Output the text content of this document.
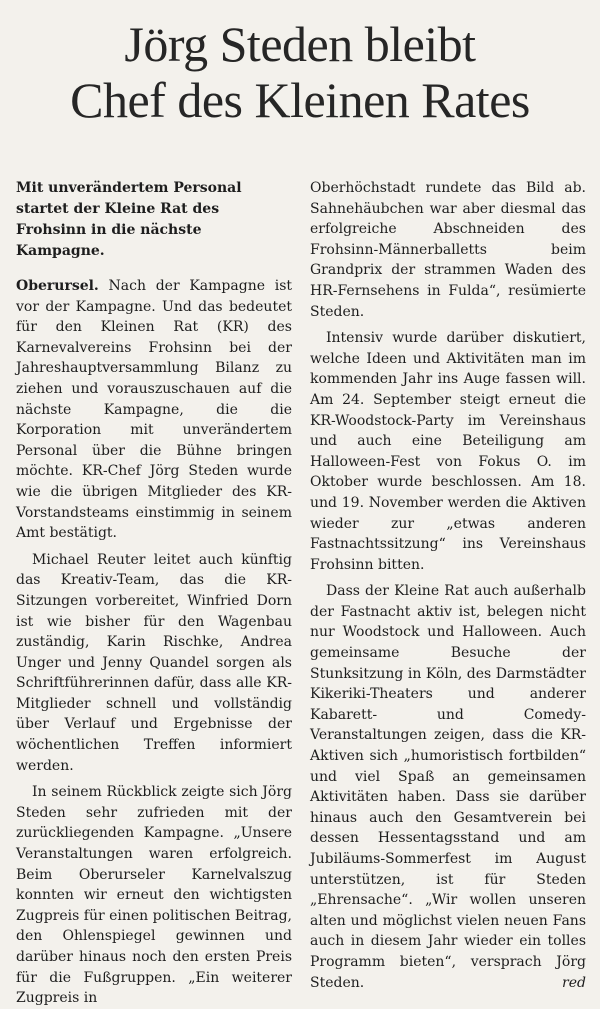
Jörg Steden bleibt
Chef des Kleinen Rates

Mit unverändertem Personal startet der Kleine Rat des Frohsinn in die nächste Kampagne.

Oberursel. Nach der Kampagne ist vor der Kampagne. Und das bedeutet für den Kleinen Rat (KR) des Karnevalvereins Frohsinn bei der Jahreshauptversammlung Bilanz zu ziehen und vorauszuschauen auf die nächste Kampagne, die die Korporation mit unverändertem Personal über die Bühne bringen möchte. KR-Chef Jörg Steden wurde wie die übrigen Mitglieder des KR-Vorstandsteams einstimmig in seinem Amt bestätigt.

Michael Reuter leitet auch künftig das Kreativ-Team, das die KR-Sitzungen vorbereitet, Winfried Dorn ist wie bisher für den Wagenbau zuständig, Karin Rischke, Andrea Unger und Jenny Quandel sorgen als Schriftführerinnen dafür, dass alle KR-Mitglieder schnell und vollständig über Verlauf und Ergebnisse der wöchentlichen Treffen informiert werden.

In seinem Rückblick zeigte sich Jörg Steden sehr zufrieden mit der zurückliegenden Kampagne. „Unsere Veranstaltungen waren erfolgreich. Beim Oberurseler Karnelvalszug konnten wir erneut den wichtigsten Zugpreis für einen politischen Beitrag, den Ohlenspiegel gewinnen und darüber hinaus noch den ersten Preis für die Fußgruppen. „Ein weiterer Zugpreis in

Oberhöchstadt rundete das Bild ab. Sahnehäubchen war aber diesmal das erfolgreiche Abschneiden des Frohsinn-Männerballetts beim Grandprix der strammen Waden des HR-Fernsehens in Fulda“, resümierte Steden.

Intensiv wurde darüber diskutiert, welche Ideen und Aktivitäten man im kommenden Jahr ins Auge fassen will. Am 24. September steigt erneut die KR-Woodstock-Party im Vereinshaus und auch eine Beteiligung am Halloween-Fest von Fokus O. im Oktober wurde beschlossen. Am 18. und 19. November werden die Aktiven wieder zur „etwas anderen Fastnachtssitzung“ ins Vereinshaus Frohsinn bitten.

Dass der Kleine Rat auch außerhalb der Fastnacht aktiv ist, belegen nicht nur Woodstock und Halloween. Auch gemeinsame Besuche der Stunksitzung in Köln, des Darmstädter Kikeriki-Theaters und anderer Kabarett- und Comedy-Veranstaltungen zeigen, dass die KR-Aktiven sich „humoristisch fortbilden“ und viel Spaß an gemeinsamen Aktivitäten haben. Dass sie darüber hinaus auch den Gesamtverein bei dessen Hessentagsstand und am Jubiläums-Sommerfest im August unterstützen, ist für Steden „Ehrensache“. „Wir wollen unseren alten und möglichst vielen neuen Fans auch in diesem Jahr wieder ein tolles Programm bieten“, versprach Jörg Steden.	red
